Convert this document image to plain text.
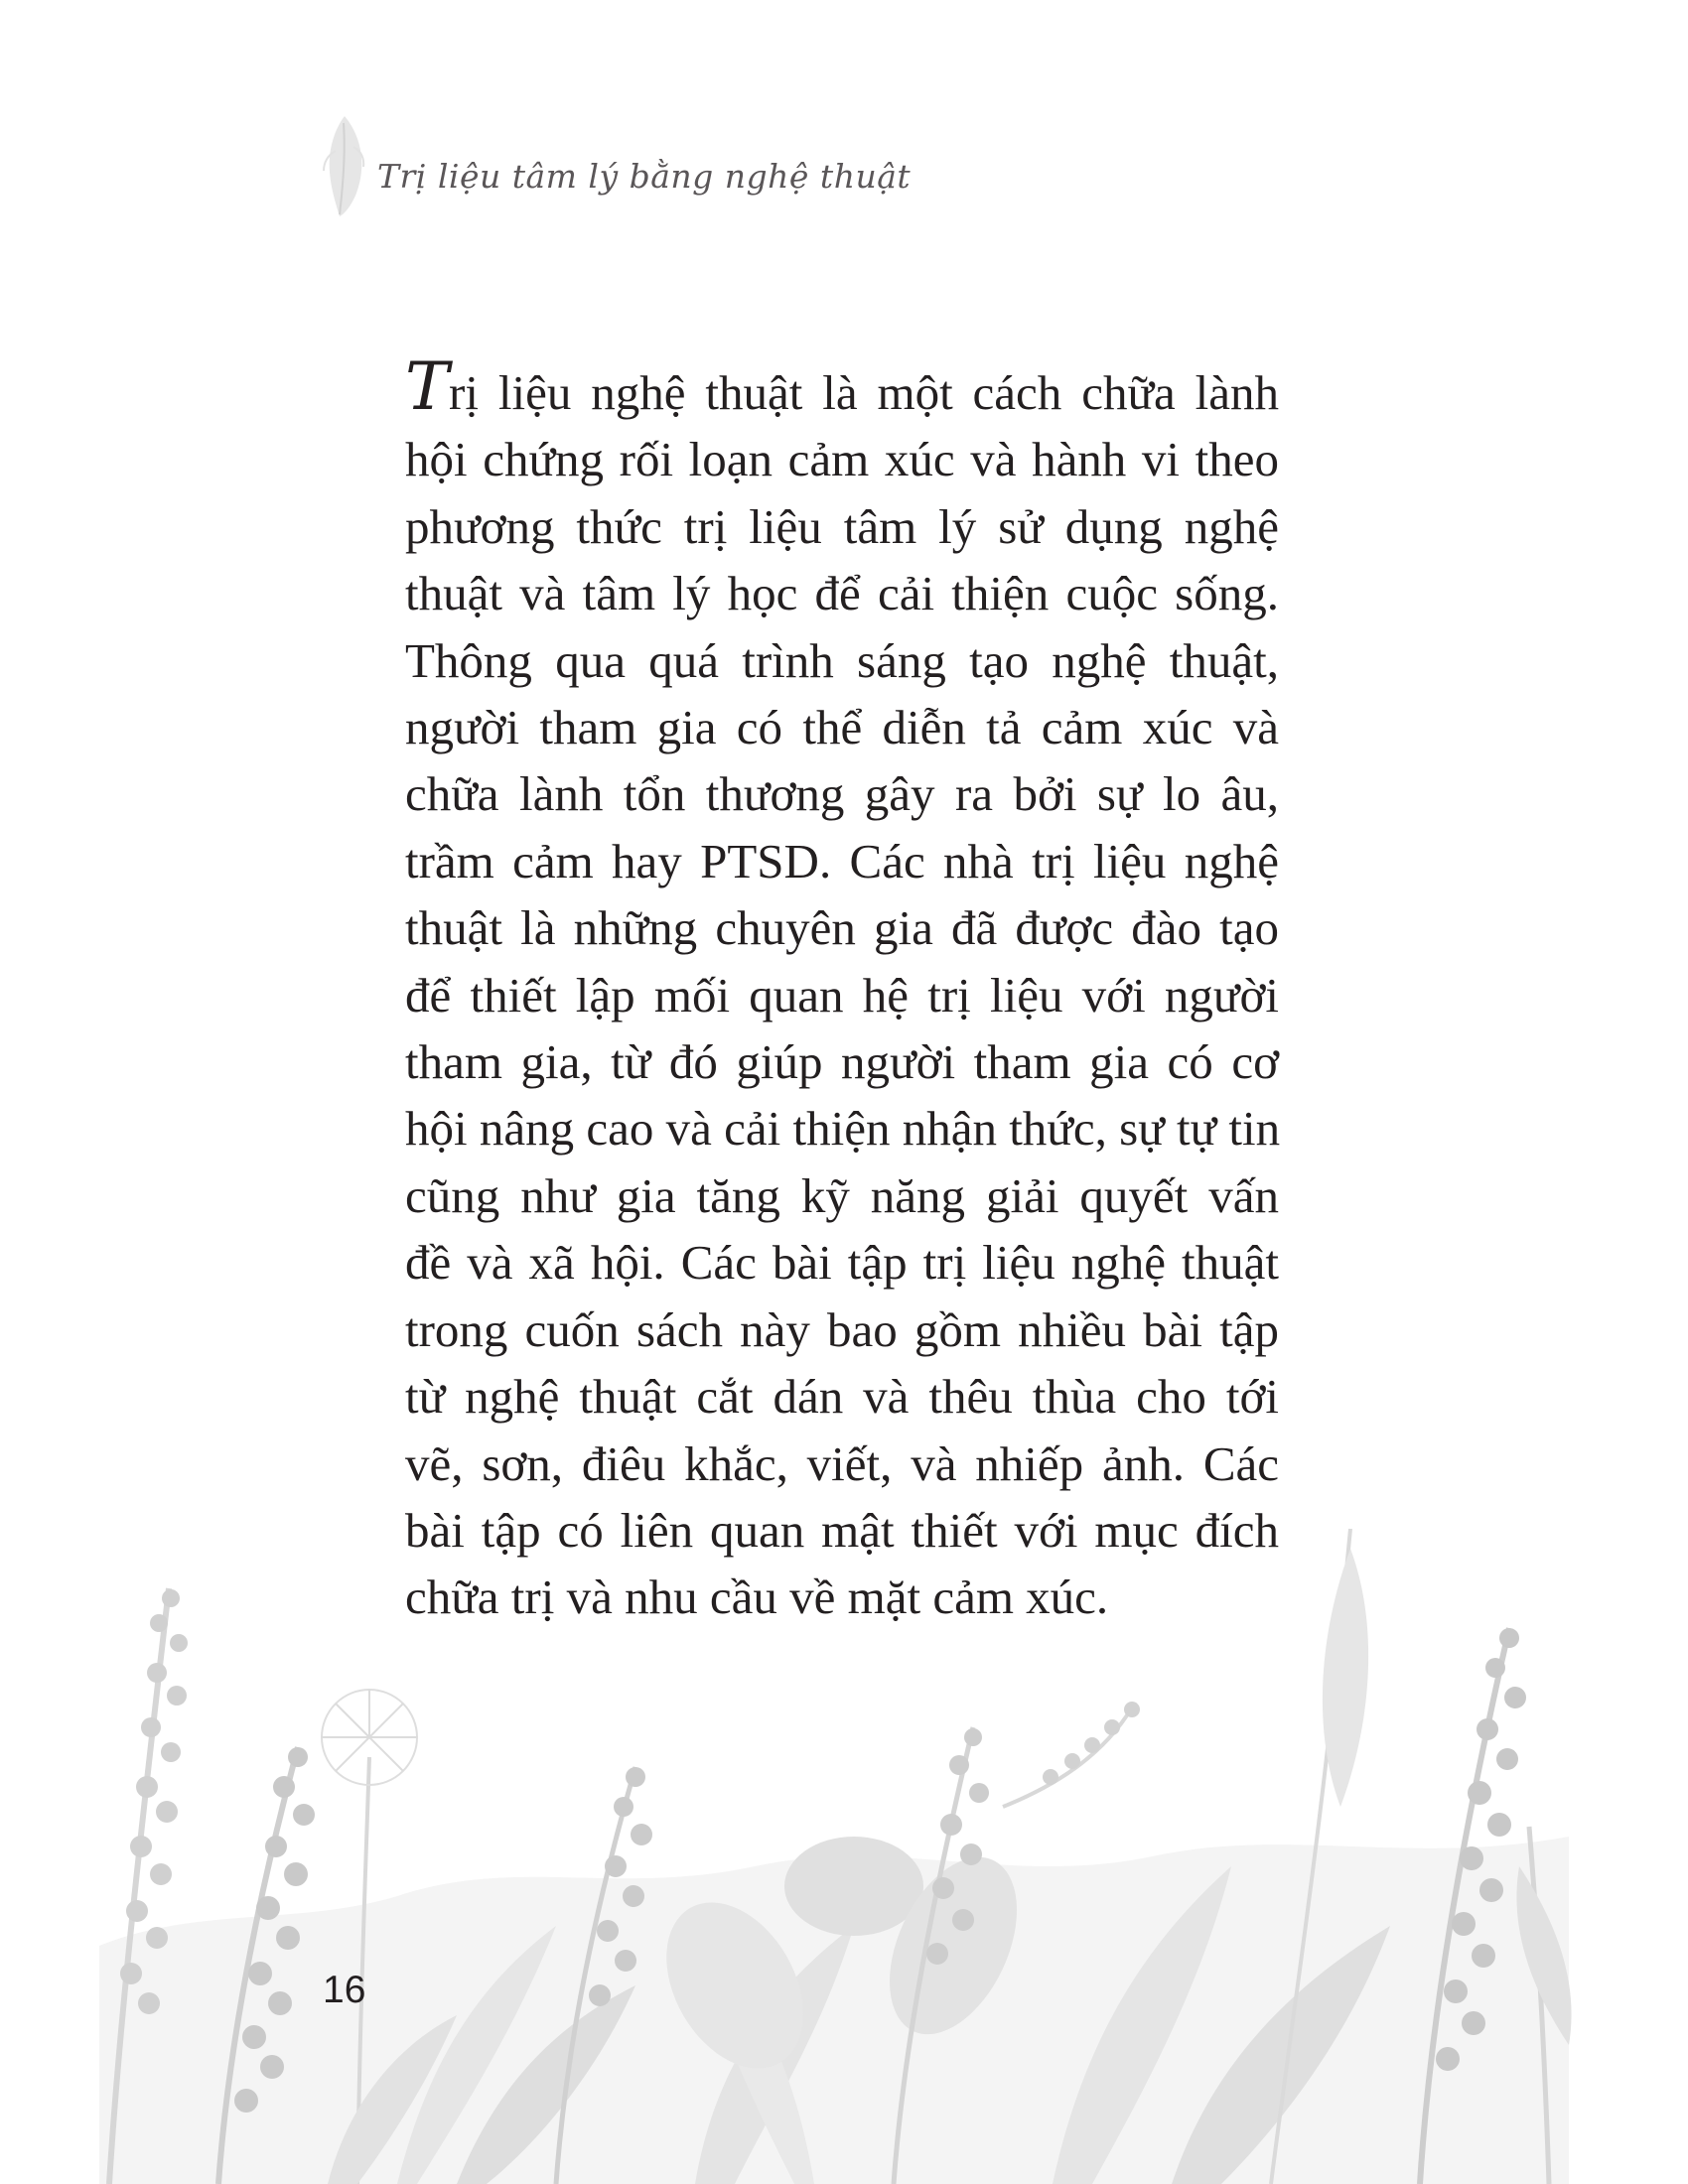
Trị liệu tâm lý bằng nghệ thuật
Trị liệu nghệ thuật là một cách chữa lành
hội chứng rối loạn cảm xúc và hành vi theo
phương thức trị liệu tâm lý sử dụng nghệ
thuật và tâm lý học để cải thiện cuộc sống.
Thông qua quá trình sáng tạo nghệ thuật,
người tham gia có thể diễn tả cảm xúc và
chữa lành tổn thương gây ra bởi sự lo âu,
trầm cảm hay PTSD. Các nhà trị liệu nghệ
thuật là những chuyên gia đã được đào tạo
để thiết lập mối quan hệ trị liệu với người
tham gia, từ đó giúp người tham gia có cơ
hội nâng cao và cải thiện nhận thức, sự tự tin
cũng như gia tăng kỹ năng giải quyết vấn
đề và xã hội. Các bài tập trị liệu nghệ thuật
trong cuốn sách này bao gồm nhiều bài tập
từ nghệ thuật cắt dán và thêu thùa cho tới
vẽ, sơn, điêu khắc, viết, và nhiếp ảnh. Các
bài tập có liên quan mật thiết với mục đích
chữa trị và nhu cầu về mặt cảm xúc.
16
